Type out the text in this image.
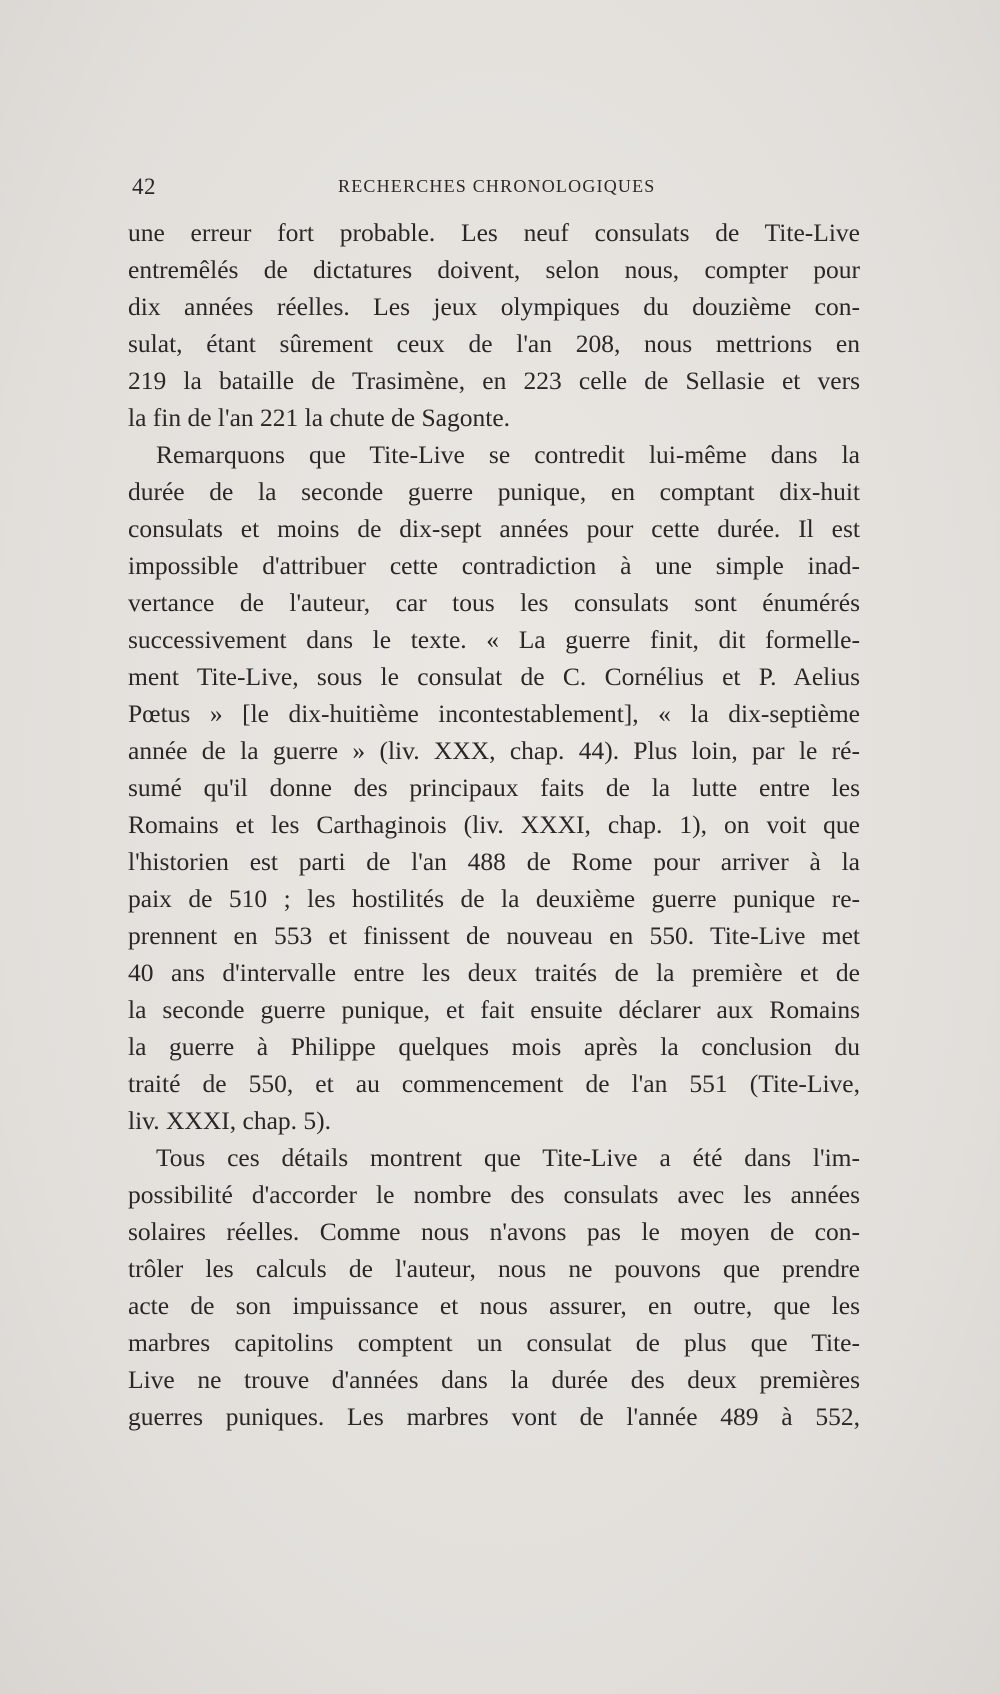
42	RECHERCHES CHRONOLOGIQUES
une erreur fort probable. Les neuf consulats de Tite-Live
entremêlés de dictatures doivent, selon nous, compter pour
dix années réelles. Les jeux olympiques du douzième con-
sulat, étant sûrement ceux de l'an 208, nous mettrions en
219 la bataille de Trasimène, en 223 celle de Sellasie et vers
la fin de l'an 221 la chute de Sagonte.
Remarquons que Tite-Live se contredit lui-même dans la
durée de la seconde guerre punique, en comptant dix-huit
consulats et moins de dix-sept années pour cette durée. Il est
impossible d'attribuer cette contradiction à une simple inad-
vertance de l'auteur, car tous les consulats sont énumérés
successivement dans le texte. « La guerre finit, dit formelle-
ment Tite-Live, sous le consulat de C. Cornélius et P. Aelius
Pœtus » [le dix-huitième incontestablement], « la dix-septième
année de la guerre » (liv. XXX, chap. 44). Plus loin, par le ré-
sumé qu'il donne des principaux faits de la lutte entre les
Romains et les Carthaginois (liv. XXXI, chap. 1), on voit que
l'historien est parti de l'an 488 de Rome pour arriver à la
paix de 510 ; les hostilités de la deuxième guerre punique re-
prennent en 553 et finissent de nouveau en 550. Tite-Live met
40 ans d'intervalle entre les deux traités de la première et de
la seconde guerre punique, et fait ensuite déclarer aux Romains
la guerre à Philippe quelques mois après la conclusion du
traité de 550, et au commencement de l'an 551 (Tite-Live,
liv. XXXI, chap. 5).
Tous ces détails montrent que Tite-Live a été dans l'im-
possibilité d'accorder le nombre des consulats avec les années
solaires réelles. Comme nous n'avons pas le moyen de con-
trôler les calculs de l'auteur, nous ne pouvons que prendre
acte de son impuissance et nous assurer, en outre, que les
marbres capitolins comptent un consulat de plus que Tite-
Live ne trouve d'années dans la durée des deux premières
guerres puniques. Les marbres vont de l'année 489 à 552,
